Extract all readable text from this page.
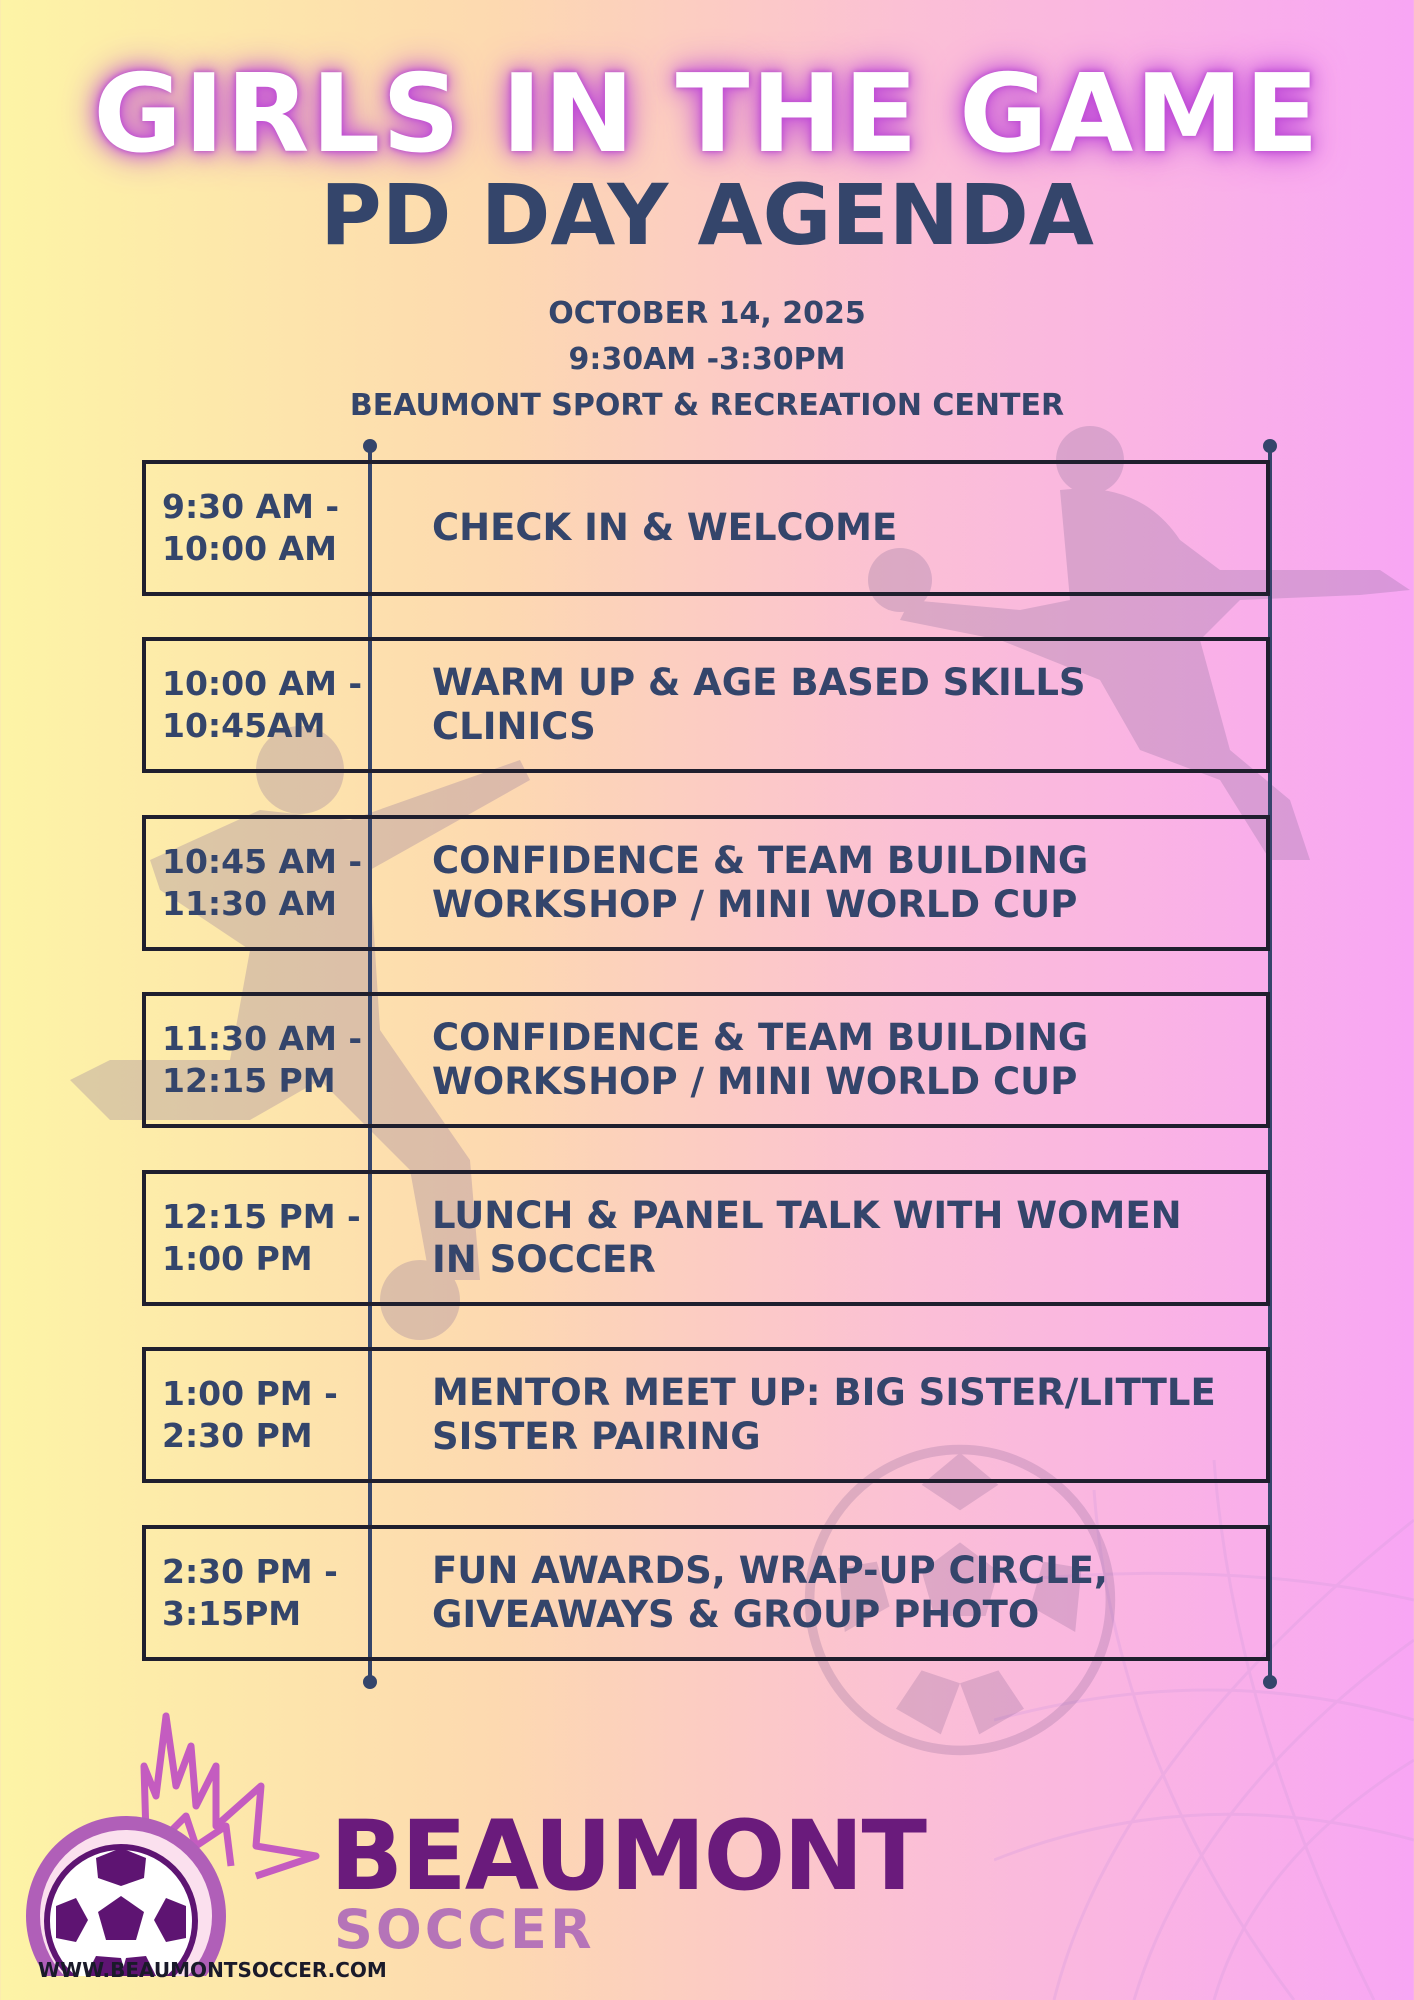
GIRLS IN THE GAME
PD DAY AGENDA
OCTOBER 14, 2025
9:30AM -3:30PM
BEAUMONT SPORT & RECREATION CENTER
9:30 AM -
10:00 AM	CHECK IN & WELCOME
10:00 AM -
10:45AM
WARM UP & AGE BASED SKILLS
CLINICS
10:45 AM -
11:30 AM
CONFIDENCE & TEAM BUILDING
WORKSHOP / MINI WORLD CUP
11:30 AM -
12:15 PM
CONFIDENCE & TEAM BUILDING
WORKSHOP / MINI WORLD CUP
12:15 PM -
1:00 PM
LUNCH & PANEL TALK WITH WOMEN
IN SOCCER
1:00 PM -
2:30 PM
MENTOR MEET UP: BIG SISTER/LITTLE
SISTER PAIRING
2:30 PM -
3:15PM
FUN AWARDS, WRAP-UP CIRCLE,
GIVEAWAYS & GROUP PHOTO
BEAUMONT
SOCCER
WWW.BEAUMONTSOCCER.COM
